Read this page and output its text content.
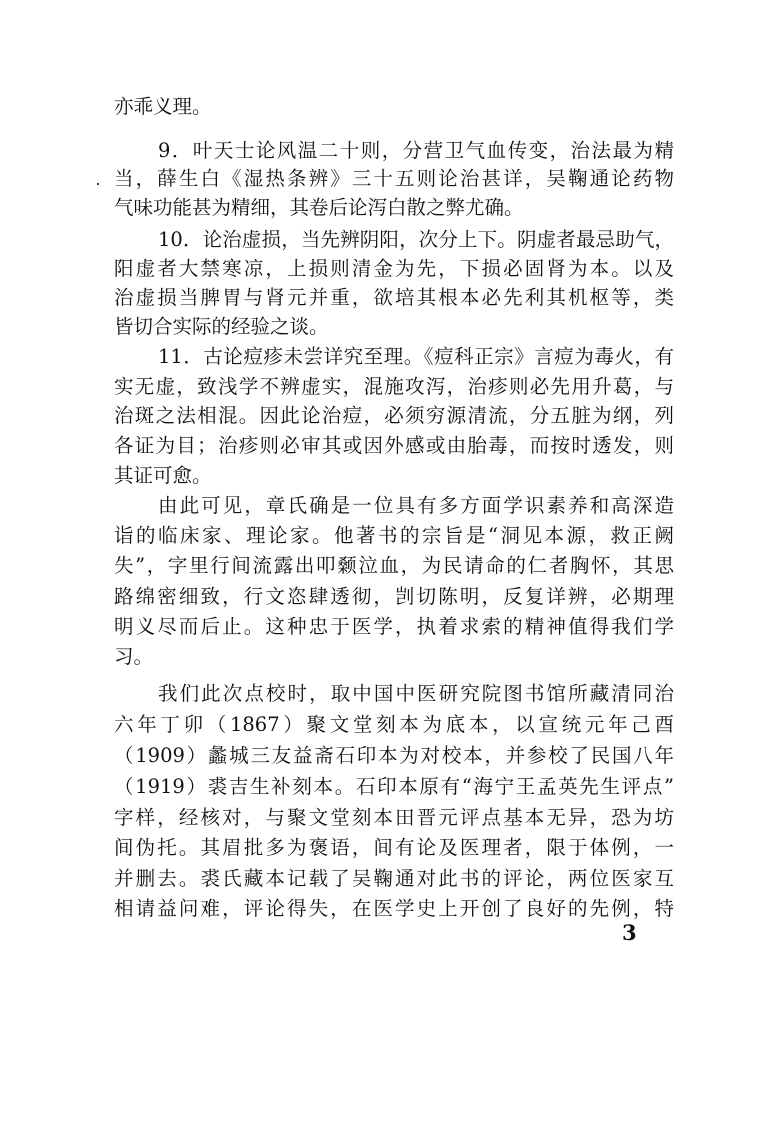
亦乖义理。
9．叶天士论风温二十则，分营卫气血传变，治法最为精
当，薛生白《湿热条辨》三十五则论治甚详，吴鞠通论药物
气味功能甚为精细，其卷后论泻白散之弊尤确。
10．论治虚损，当先辨阴阳，次分上下。阴虚者最忌助气，
阳虚者大禁寒凉，上损则清金为先，下损必固肾为本。以及
治虚损当脾胃与肾元并重，欲培其根本必先利其机枢等，类
皆切合实际的经验之谈。
11．古论痘疹未尝详究至理。《痘科正宗》言痘为毒火，有
实无虚，致浅学不辨虚实，混施攻泻，治疹则必先用升葛，与
治斑之法相混。因此论治痘，必须穷源清流，分五脏为纲，列
各证为目；治疹则必审其或因外感或由胎毒，而按时透发，则
其证可愈。
由此可见，章氏确是一位具有多方面学识素养和高深造
诣的临床家、理论家。他著书的宗旨是“洞见本源，救正阙
失”，字里行间流露出叩颡泣血，为民请命的仁者胸怀，其思
路绵密细致，行文恣肆透彻，剀切陈明，反复详辨，必期理
明义尽而后止。这种忠于医学，执着求索的精神值得我们学
习。
我们此次点校时，取中国中医研究院图书馆所藏清同治
六年丁卯（1867）聚文堂刻本为底本，以宣统元年己酉
（1909）蠡城三友益斋石印本为对校本，并参校了民国八年
（1919）裘吉生补刻本。石印本原有“海宁王孟英先生评点”
字样，经核对，与聚文堂刻本田晋元评点基本无异，恐为坊
间伪托。其眉批多为褒语，间有论及医理者，限于体例，一
并删去。裘氏藏本记载了吴鞠通对此书的评论，两位医家互
相请益问难，评论得失，在医学史上开创了良好的先例，特
3
